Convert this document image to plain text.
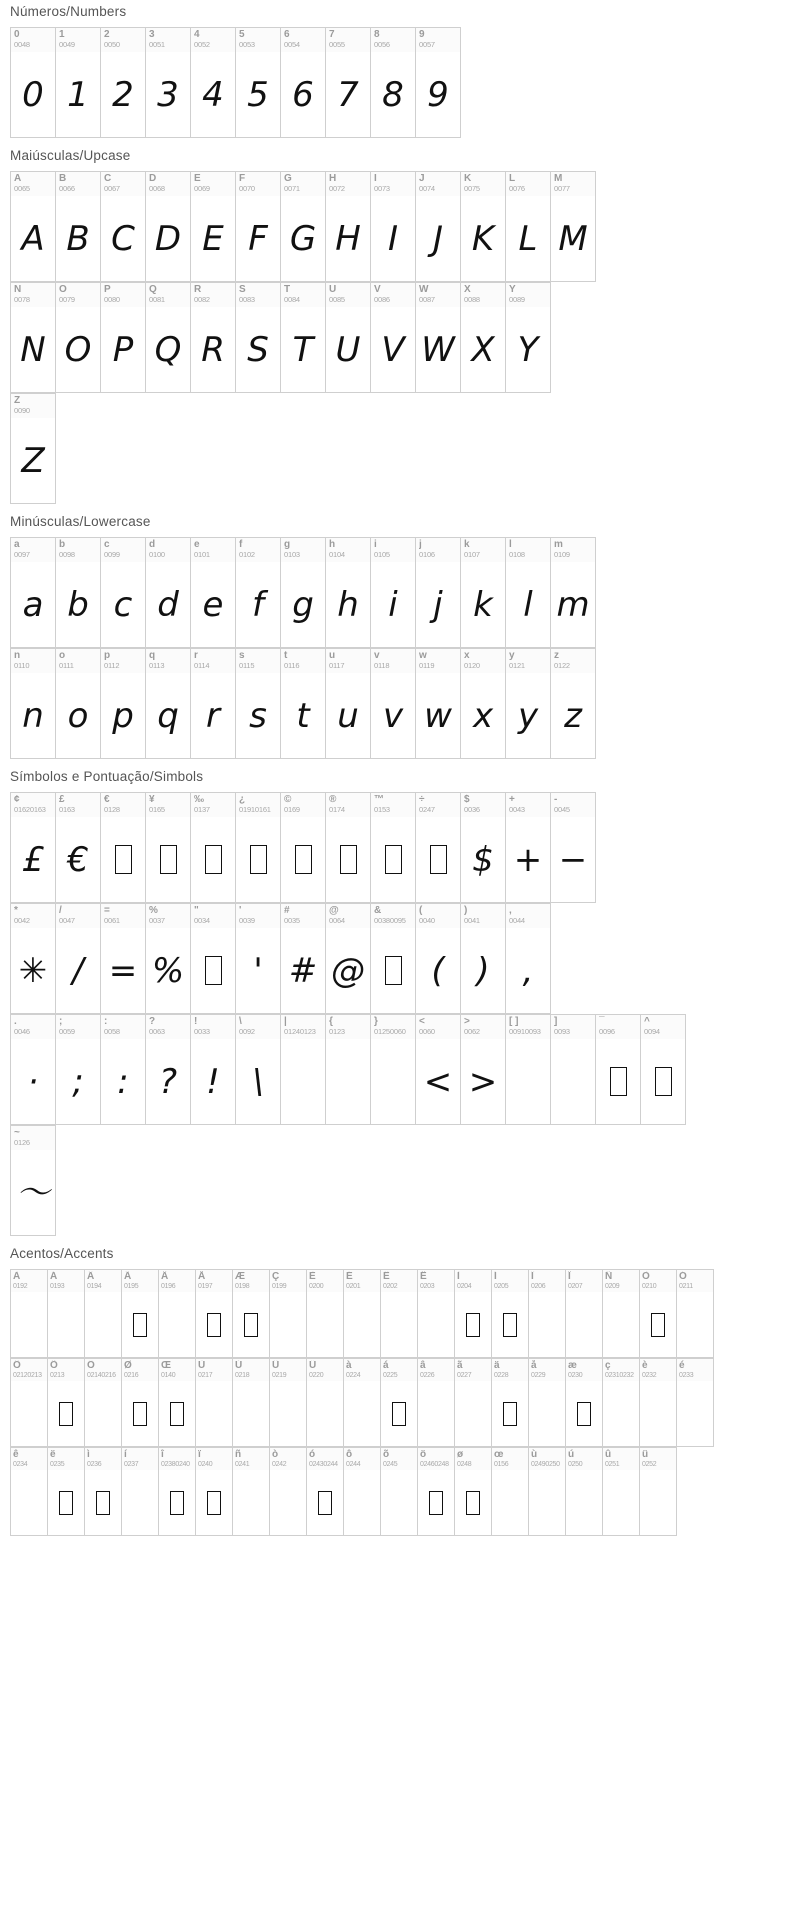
Números/Numbers
0
0048
0
1
0049
1
2
0050
2
3
0051
3
4
0052
4
5
0053
5
6
0054
6
7
0055
7
8
0056
8
9
0057
9
Maiúsculas/Upcase
A
0065
A
B
0066
B
C
0067
C
D
0068
D
E
0069
E
F
0070
F
G
0071
G
H
0072
H
I
0073
I
J
0074
J
K
0075
K
L
0076
L
M
0077
M
N
0078
N
O
0079
O
P
0080
P
Q
0081
Q
R
0082
R
S
0083
S
T
0084
T
U
0085
U
V
0086
V
W
0087
W
X
0088
X
Y
0089
Y
Z
0090
Z
Minúsculas/Lowercase
a
0097
a
b
0098
b
c
0099
c
d
0100
d
e
0101
e
f
0102
f
g
0103
g
h
0104
h
i
0105
i
j
0106
j
k
0107
k
l
0108
l
m
0109
m
n
0110
n
o
0111
o
p
0112
p
q
0113
q
r
0114
r
s
0115
s
t
0116
t
u
0117
u
v
0118
v
w
0119
w
x
0120
x
y
0121
y
z
0122
z
Símbolos e Pontuação/Simbols
¢
01620163
£
£
0163
€
€
0128
¥
0165
‰
0137
¿
01910161
©
0169
®
0174
™
0153
÷
0247
$
0036
$
+
0043
+
-
0045
−
*
0042
✳
/
0047
/
=
0061
=
%
0037
%
"
0034
'
0039
'
#
0035
#
@
0064
@
&
00380095
(
0040
(
)
0041
)
,
0044
,
.
0046
·
;
0059
;
:
0058
:
?
0063
?
!
0033
!
\
0092
\
|
01240123
{
0123
}
01250060
<
0060
<
>
0062
>
[ ]
00910093
]
0093
¯
0096
^
0094
~
0126
〜
Acentos/Accents
À
0192
Á
0193
Â
0194
Ã
0195
Ä
0196
Å
0197
Æ
0198
Ç
0199
È
0200
É
0201
Ê
0202
Ë
0203
Ì
0204
Í
0205
Î
0206
Ï
0207
Ñ
0209
Ò
0210
Ó
0211
Ô
02120213
Õ
0213
Ö
02140216
Ø
0216
Œ
0140
Ù
0217
Ú
0218
Û
0219
Ü
0220
à
0224
á
0225
â
0226
ã
0227
ä
0228
å
0229
æ
0230
ç
02310232
è
0232
é
0233
ê
0234
ë
0235
ì
0236
í
0237
î
02380240
ï
0240
ñ
0241
ò
0242
ó
02430244
ô
0244
õ
0245
ö
02460248
ø
0248
œ
0156
ù
02490250
ú
0250
û
0251
ü
0252
